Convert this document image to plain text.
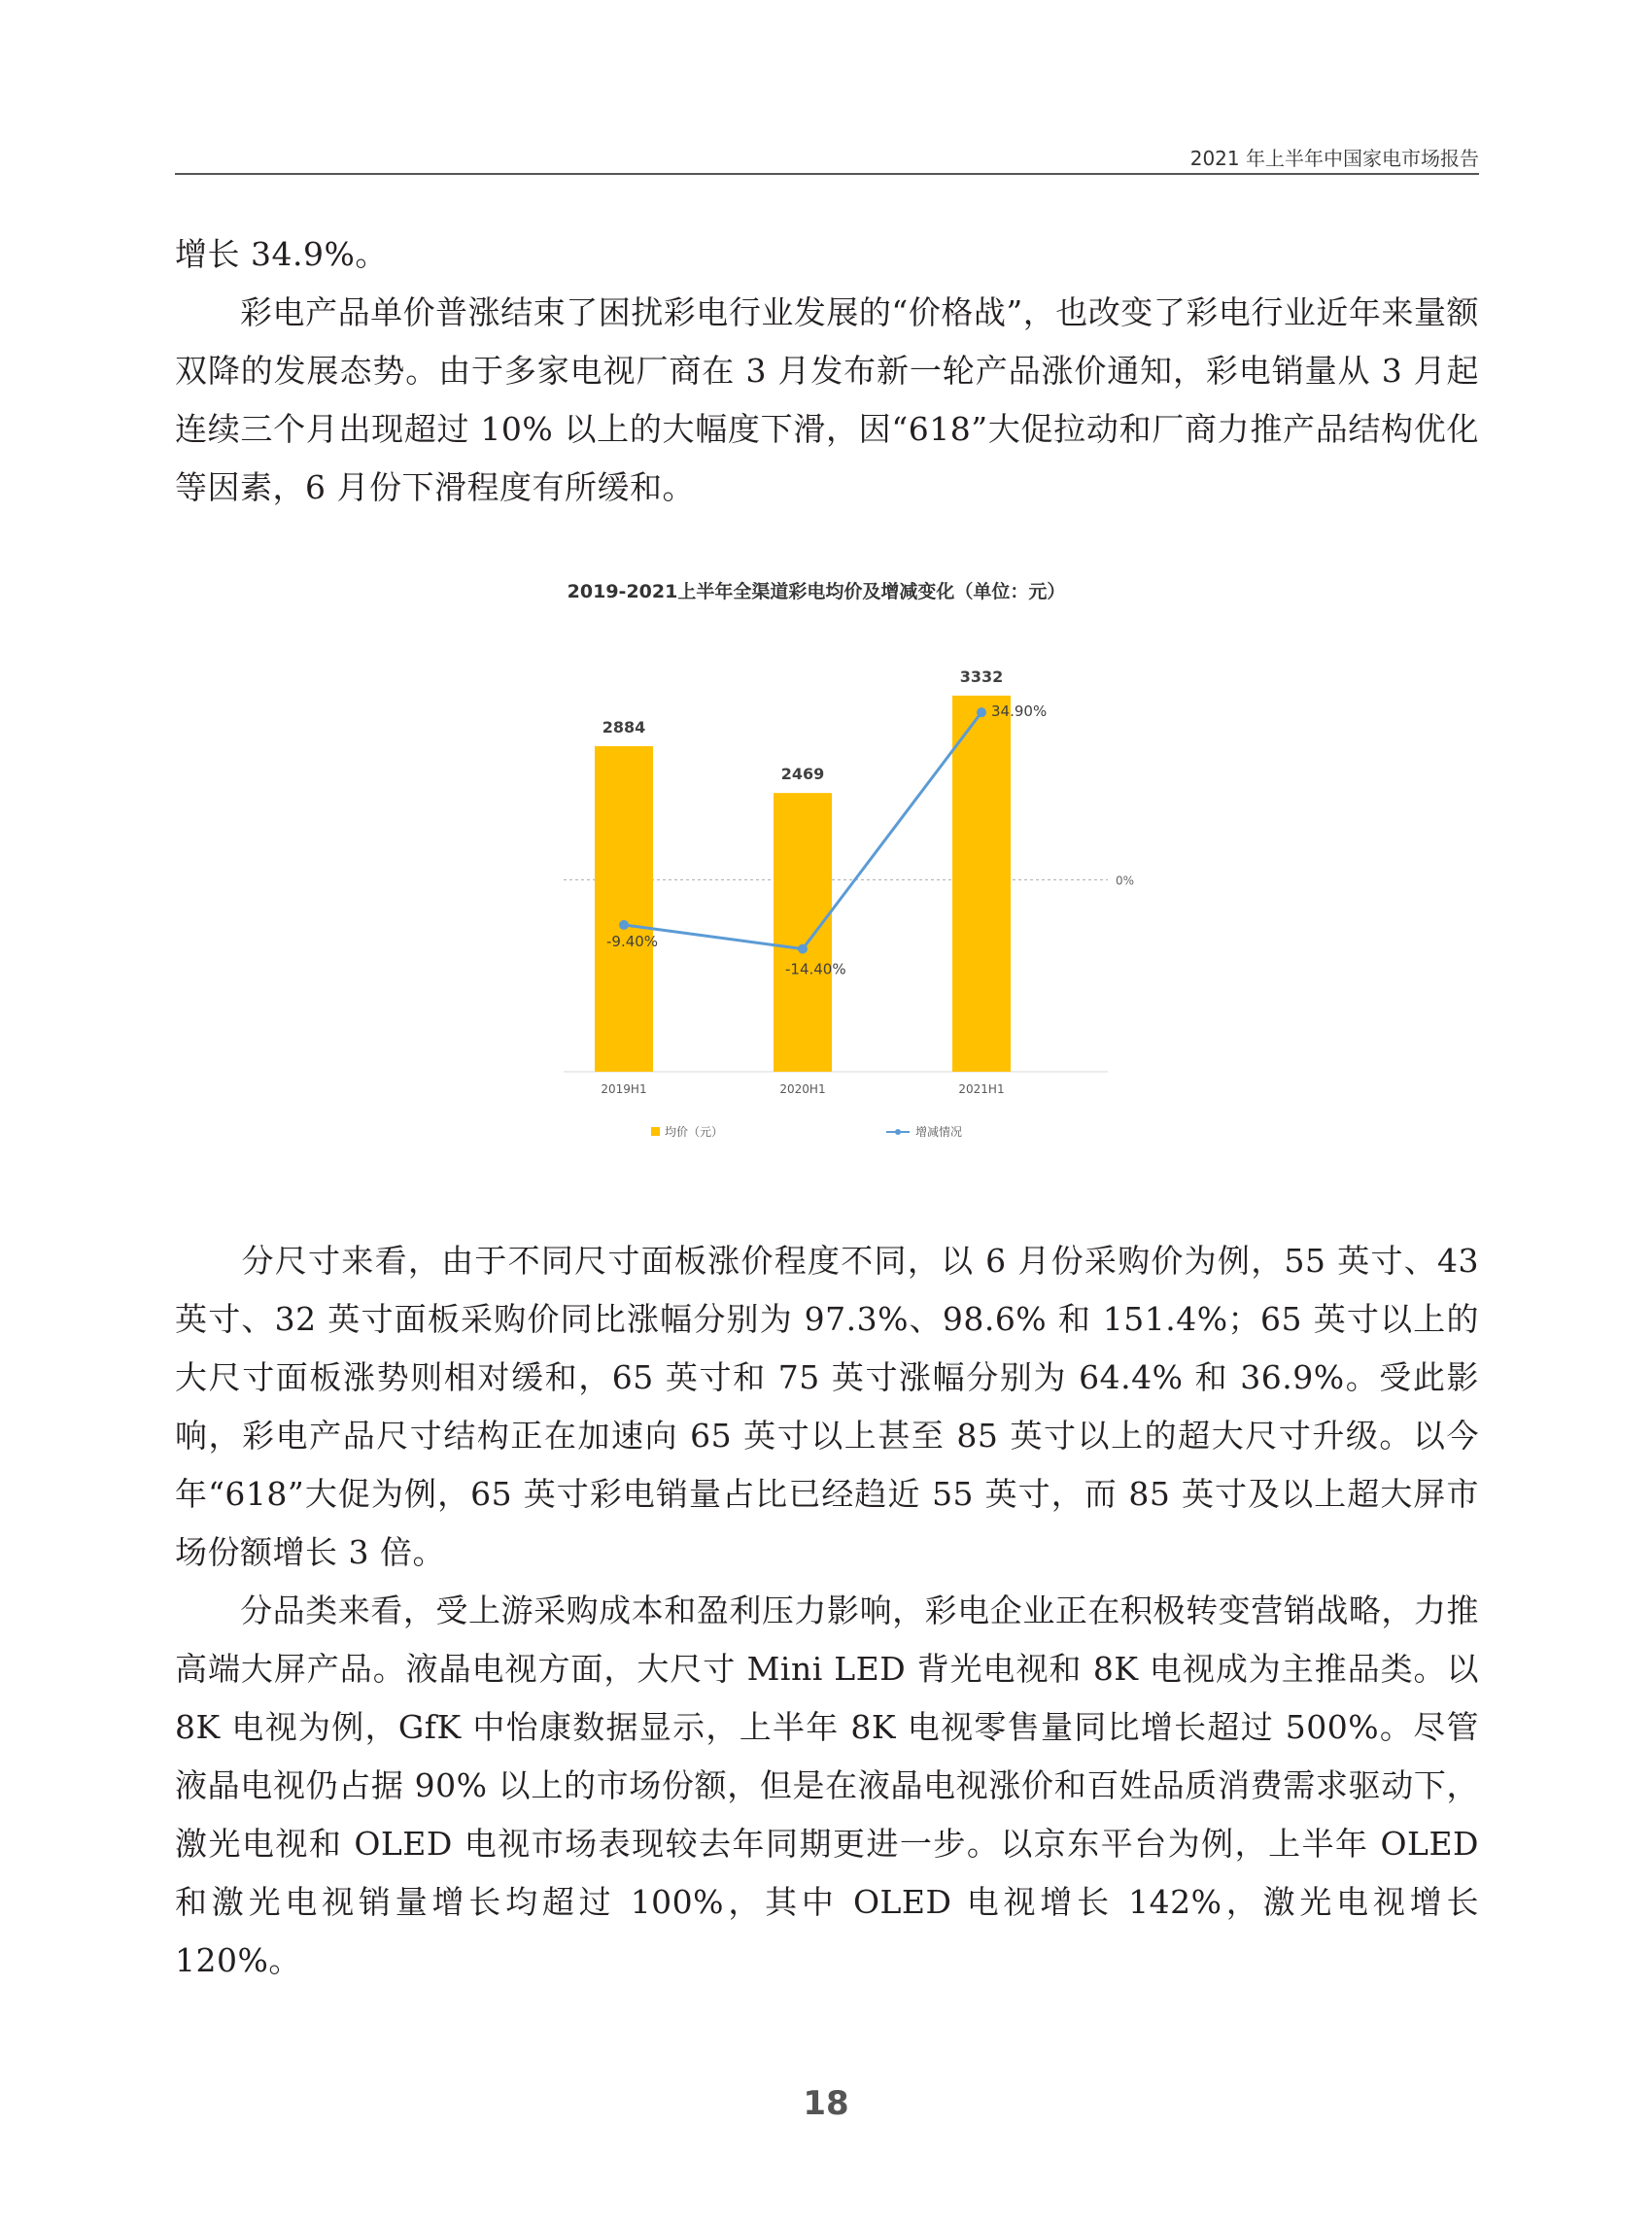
2021 年上半年中国家电市场报告

增长 34.9%。

　　彩电产品单价普涨结束了困扰彩电行业发展的“价格战”，也改变了彩电行业近年来量额双降的发展态势。由于多家电视厂商在 3 月发布新一轮产品涨价通知，彩电销量从 3 月起连续三个月出现超过 10% 以上的大幅度下滑，因“618”大促拉动和厂商力推产品结构优化等因素，6 月份下滑程度有所缓和。

2019-2021上半年全渠道彩电均价及增减变化（单位：元）
0%
2884
2019H1
2469
2020H1
3332
2021H1
-9.40%
-14.40%
34.90%
均价（元）	增减情况

　　分尺寸来看，由于不同尺寸面板涨价程度不同，以 6 月份采购价为例，55 英寸、43 英寸、32 英寸面板采购价同比涨幅分别为 97.3%、98.6% 和 151.4%；65 英寸以上的大尺寸面板涨势则相对缓和，65 英寸和 75 英寸涨幅分别为 64.4% 和 36.9%。受此影响，彩电产品尺寸结构正在加速向 65 英寸以上甚至 85 英寸以上的超大尺寸升级。以今年“618”大促为例，65 英寸彩电销量占比已经趋近 55 英寸，而 85 英寸及以上超大屏市场份额增长 3 倍。

　　分品类来看，受上游采购成本和盈利压力影响，彩电企业正在积极转变营销战略，力推高端大屏产品。液晶电视方面，大尺寸 Mini LED 背光电视和 8K 电视成为主推品类。以 8K 电视为例，GfK 中怡康数据显示，上半年 8K 电视零售量同比增长超过 500%。尽管液晶电视仍占据 90% 以上的市场份额，但是在液晶电视涨价和百姓品质消费需求驱动下，激光电视和 OLED 电视市场表现较去年同期更进一步。以京东平台为例，上半年 OLED 和激光电视销量增长均超过 100%，其中 OLED 电视增长 142%，激光电视增长 120%。

18
